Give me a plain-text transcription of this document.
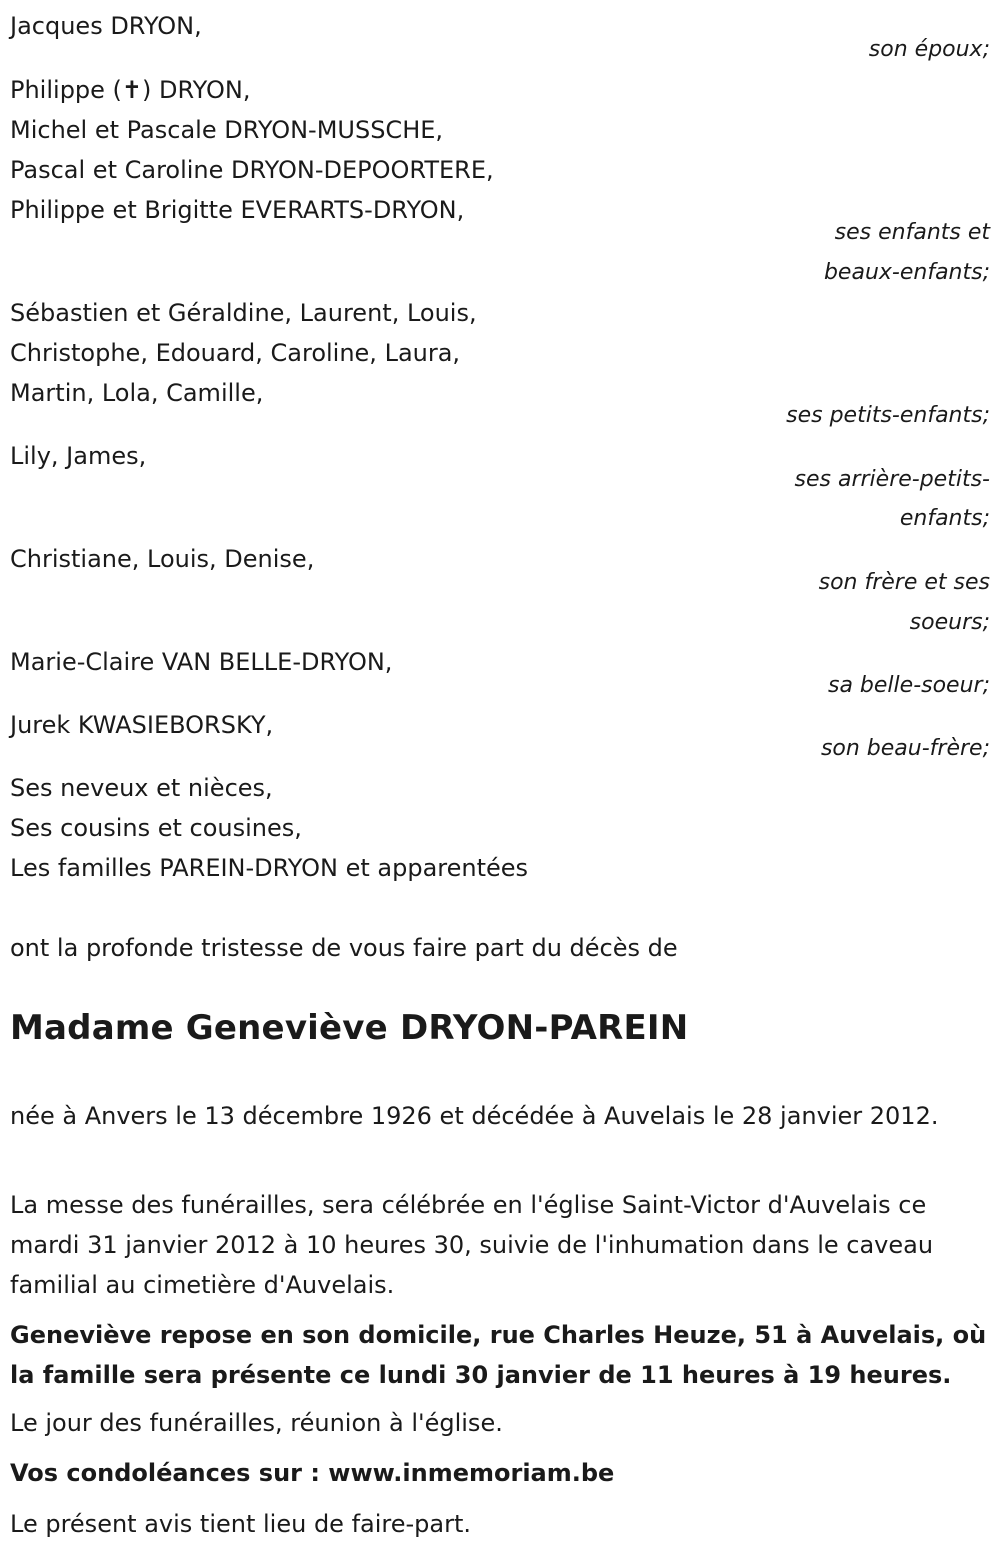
Jacques DRYON,

son époux;

Philippe (✝) DRYON,

Michel et Pascale DRYON-MUSSCHE,

Pascal et Caroline DRYON-DEPOORTERE,

Philippe et Brigitte EVERARTS-DRYON,

ses enfants et

beaux-enfants;

Sébastien et Géraldine, Laurent, Louis,

Christophe, Edouard, Caroline, Laura,

Martin, Lola, Camille,

ses petits-enfants;

Lily, James,

ses arrière-petits-

enfants;

Christiane, Louis, Denise,

son frère et ses

soeurs;

Marie-Claire VAN BELLE-DRYON,

sa belle-soeur;

Jurek KWASIEBORSKY,

son beau-frère;

Ses neveux et nièces,

Ses cousins et cousines,

Les familles PAREIN-DRYON et apparentées

ont la profonde tristesse de vous faire part du décès de

Madame Geneviève DRYON-PAREIN

née à Anvers le 13 décembre 1926 et décédée à Auvelais le 28 janvier 2012.

La messe des funérailles, sera célébrée en l'église Saint-Victor d'Auvelais ce mardi 31 janvier 2012 à 10 heures 30, suivie de l'inhumation dans le caveau familial au cimetière d'Auvelais.

Geneviève repose en son domicile, rue Charles Heuze, 51 à Auvelais, où la famille sera présente ce lundi 30 janvier de 11 heures à 19 heures.

Le jour des funérailles, réunion à l'église.

Vos condoléances sur : www.inmemoriam.be

Le présent avis tient lieu de faire-part.
